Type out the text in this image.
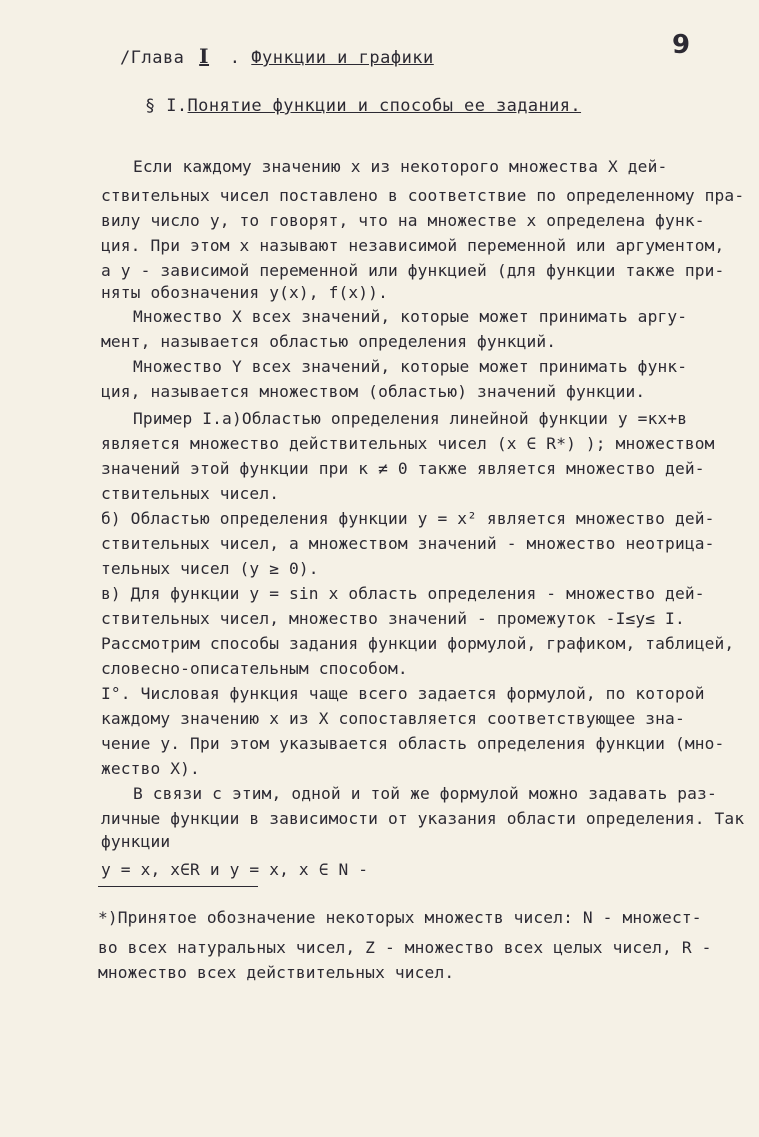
/Глава I . Функции и графики	9
§ I.Понятие функции и способы ее задания.
Если каждому значению x из некоторого множества X дей-
ствительных чисел поставлено в соответствие по определенному пра-
вилу число y, то говорят, что на множестве x определена функ-
ция. При этом x называют независимой переменной или аргументом,
а y - зависимой переменной или функцией (для функции также при-
няты обозначения y(x), f(x)).
Множество X всех значений, которые может принимать аргу-
мент, называется областью определения функций.
Множество Y всех значений, которые может принимать функ-
ция, называется множеством (областью) значений функции.
Пример I.а)Областью определения линейной функции y =кх+в
является множество действительных чисел (x ∈ R*) ); множеством
значений этой функции при к ≠ 0 также является множество дей-
ствительных чисел.
б) Областью определения функции y = x² является множество дей-
ствительных чисел, а множеством значений - множество неотрица-
тельных чисел (y ≥ 0).
в) Для функции y = sin x область определения - множество дей-
ствительных чисел, множество значений - промежуток -I≤y≤ I.
Рассмотрим способы задания функции формулой, графиком, таблицей,
словесно-описательным способом.
I°. Числовая функция чаще всего задается формулой, по которой
каждому значению x из X сопоставляется соответствующее зна-
чение y. При этом указывается область определения функции (мно-
жество X).
В связи с этим, одной и той же формулой можно задавать раз-
личные функции в зависимости от указания области определения. Так
функции
y = x, x∈R и y = x, x ∈ N -
*)Принятое обозначение некоторых множеств чисел: N - множест-
во всех натуральных чисел, Z - множество всех целых чисел, R -
множество всех действительных чисел.
